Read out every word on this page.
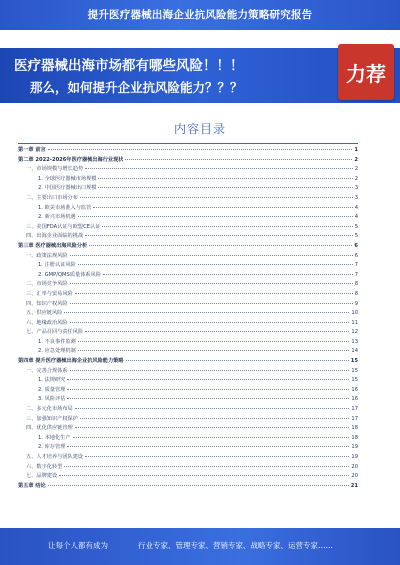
提升医疗器械出海企业抗风险能力策略研究报告
医疗器械出海市场都有哪些风险！！！
那么，如何提升企业抗风险能力？？？
力荐
内容目录
第一章 前言	1
第二章 2022-2026年医疗器械出海行业现状	2
一、市场规模与增长趋势	2
1. 全球医疗器械市场规模	2
2. 中国医疗器械出口规模	3
二、主要出口市场分布	3
1. 欧美市场准入与监管	4
2. 新兴市场机遇	4
三、美国FDA认证与欧盟CE认证	5
四、出海企业面临的挑战	5
第三章 医疗器械出海风险分析	6
一、政策法规风险	6
1. 注册认证风险	7
2. GMP/QMS质量体系风险	7
二、市场竞争风险	8
三、汇率与贸易风险	8
四、知识产权风险	9
五、供应链风险	10
六、地缘政治风险	11
七、产品召回与责任风险	12
1. 不良事件监测	13
2. 应急处理机制	14
第四章 提升医疗器械出海企业抗风险能力策略	15
一、完善合规体系	15
1. 法规研究	15
2. 质量管理	16
3. 风险评估	16
二、多元化市场布局	17
三、加强知识产权保护	17
四、优化供应链管理	18
1. 本地化生产	18
2. 库存管理	19
五、人才培养与团队建设	19
六、数字化转型	20
七、品牌建设	20
第五章 结论	21
让每个人都有成为	行业专家、管理专家、营销专家、战略专家、运营专家……
